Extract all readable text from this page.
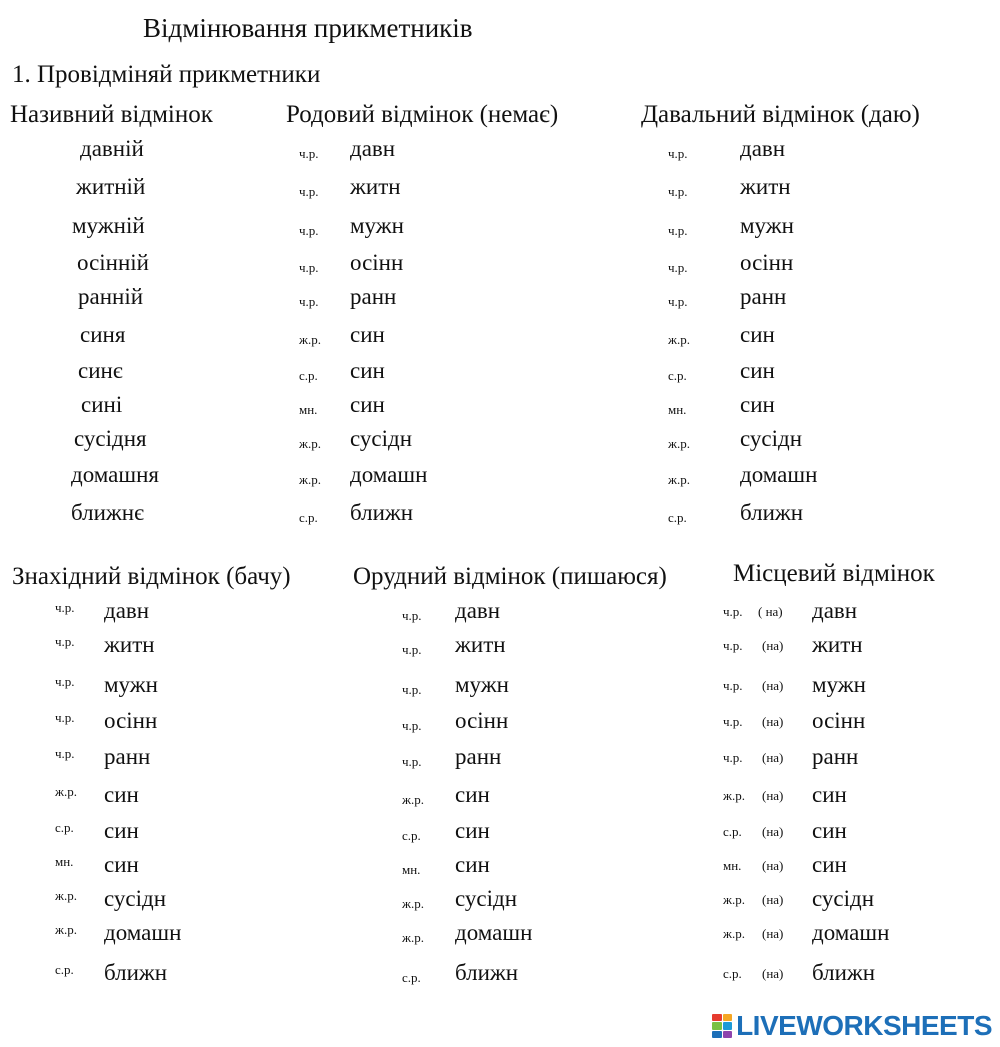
Відмінювання прикметників
1. Провідміняй прикметники
Називний відмінок	Родовий відмінок (немає)	Давальний відмінок (даю)
Знахідний відмінок (бачу) Орудний відмінок (пишаюся)	Місцевий відмінок
давній
житній
мужній
осінній
ранній
синя
синє
сині
сусідня
домашня
ближнє
ч.р. давн
ч.р. житн
ч.р. мужн
ч.р. осінн
ч.р. ранн
ж.р. син
с.р. син
мн. син
ж.р. сусідн
ж.р. домашн
с.р. ближн
ч.р. давн
ч.р. житн
ч.р. мужн
ч.р. осінн
ч.р. ранн
ж.р. син
с.р. син
мн. син
ж.р. сусідн
ж.р. домашн
с.р. ближн
ч.р. давн
ч.р. житн
ч.р. мужн
ч.р. осінн
ч.р. ранн
ж.р. син
с.р. син
мн. син
ж.р. сусідн
ж.р. домашн
с.р. ближн
ч.р. давн
ч.р. житн
ч.р. мужн
ч.р. осінн
ч.р. ранн
ж.р. син
с.р. син
мн. син
ж.р. сусідн
ж.р. домашн
с.р. ближн
ч.р. ( на) давн
ч.р. (на) житн
ч.р. (на) мужн
ч.р. (на) осінн
ч.р. (на) ранн
ж.р. (на) син
с.р. (на) син
мн. (на) син
ж.р. (на) сусідн
ж.р. (на) домашн
с.р. (на) ближн
LIVEWORKSHEETS
